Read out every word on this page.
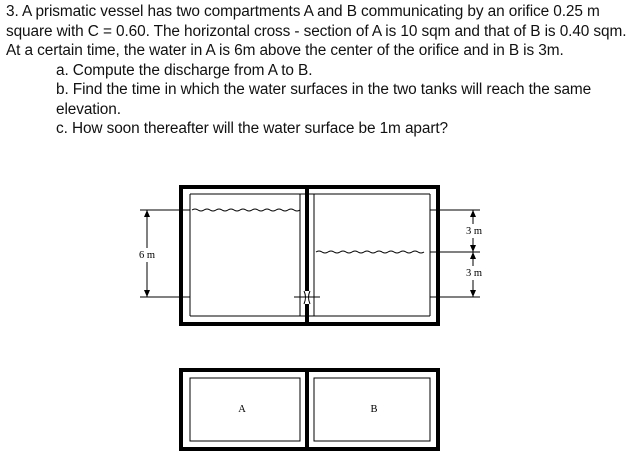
3. A prismatic vessel has two compartments A and B communicating by an orifice 0.25 m square with C = 0.60. The horizontal cross - section of A is 10 sqm and that of B is 0.40 sqm. At a certain time, the water in A is 6m above the center of the orifice and in B is 3m.

a. Compute the discharge from A to B.

b. Find the time in which the water surfaces in the two tanks will reach the same elevation.

c. How soon thereafter will the water surface be 1m apart?

6 m
3 m
3 m
A	B
